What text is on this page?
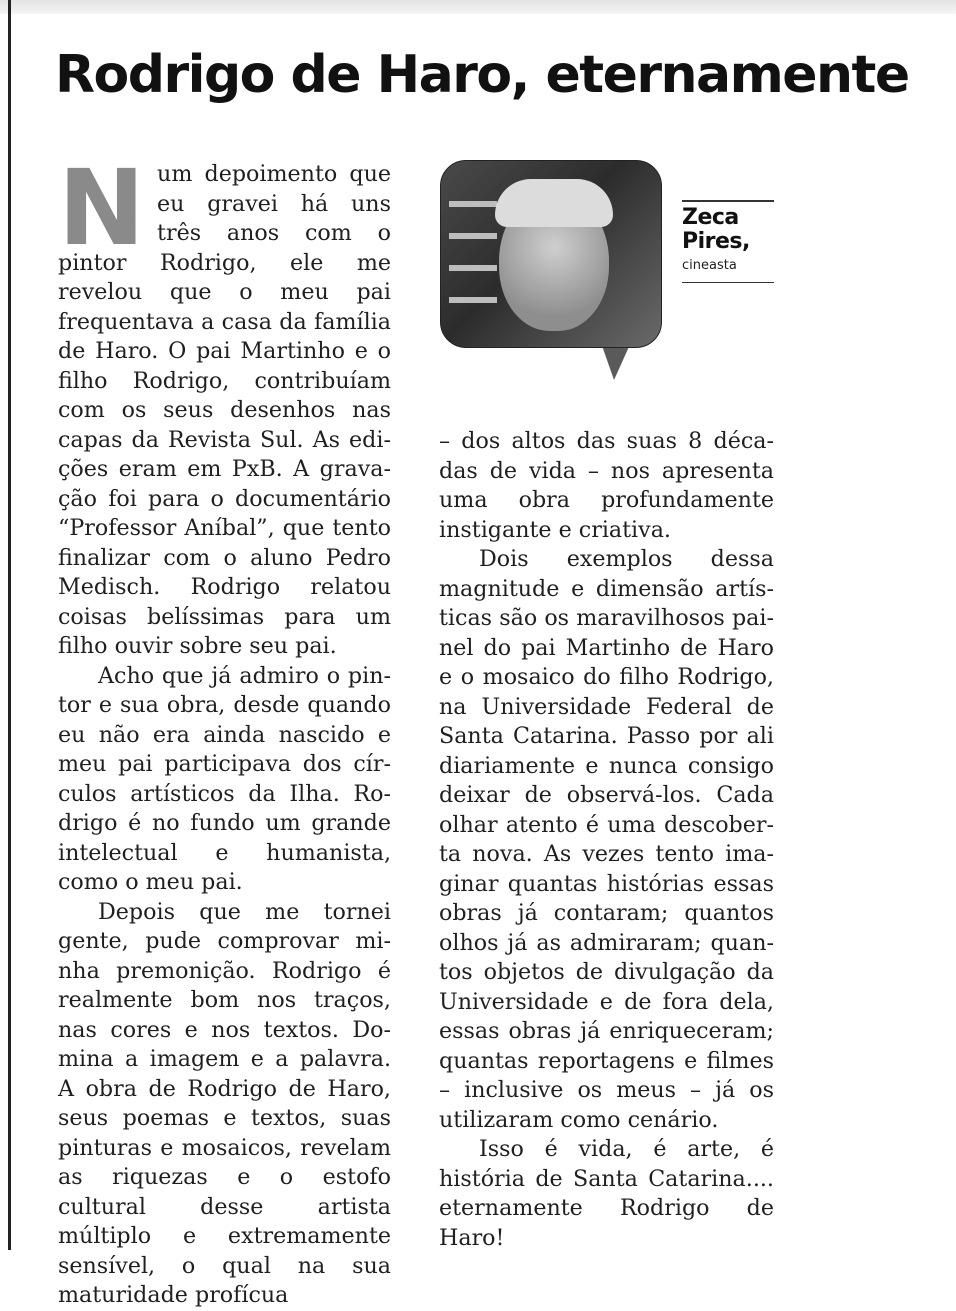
Rodrigo de Haro, eternamente

Num depoimento que eu gravei há uns três anos com o pintor Rodrigo, ele me revelou que o meu pai frequentava a casa da família de Haro. O pai Martinho e o filho Rodrigo, contribuíam com os seus desenhos nas capas da Revista Sul. As edições eram em PxB. A gravação foi para o documentário “Professor Aníbal”, que tento finalizar com o aluno Pedro Medisch. Rodrigo relatou coisas belíssimas para um filho ouvir sobre seu pai.

Acho que já admiro o pintor e sua obra, desde quando eu não era ainda nascido e meu pai participava dos círculos artísticos da Ilha. Rodrigo é no fundo um grande intelectual e humanista, como o meu pai.

Depois que me tornei gente, pude comprovar minha premonição. Rodrigo é realmente bom nos traços, nas cores e nos textos. Domina a imagem e a palavra. A obra de Rodrigo de Haro, seus poemas e textos, suas pinturas e mosaicos, revelam as riquezas e o estofo cultural desse artista múltiplo e extremamente sensível, o qual na sua maturidade profícua

Zeca
Pires,
cineasta

– dos altos das suas 8 décadas de vida – nos apresenta uma obra profundamente instigante e criativa.

Dois exemplos dessa magnitude e dimensão artísticas são os maravilhosos painel do pai Martinho de Haro e o mosaico do filho Rodrigo, na Universidade Federal de Santa Catarina. Passo por ali diariamente e nunca consigo deixar de observá-los. Cada olhar atento é uma descoberta nova. As vezes tento imaginar quantas histórias essas obras já contaram; quantos olhos já as admiraram; quantos objetos de divulgação da Universidade e de fora dela, essas obras já enriqueceram; quantas reportagens e filmes – inclusive os meus – já os utilizaram como cenário.

Isso é vida, é arte, é história de Santa Catarina.... eternamente Rodrigo de Haro!
